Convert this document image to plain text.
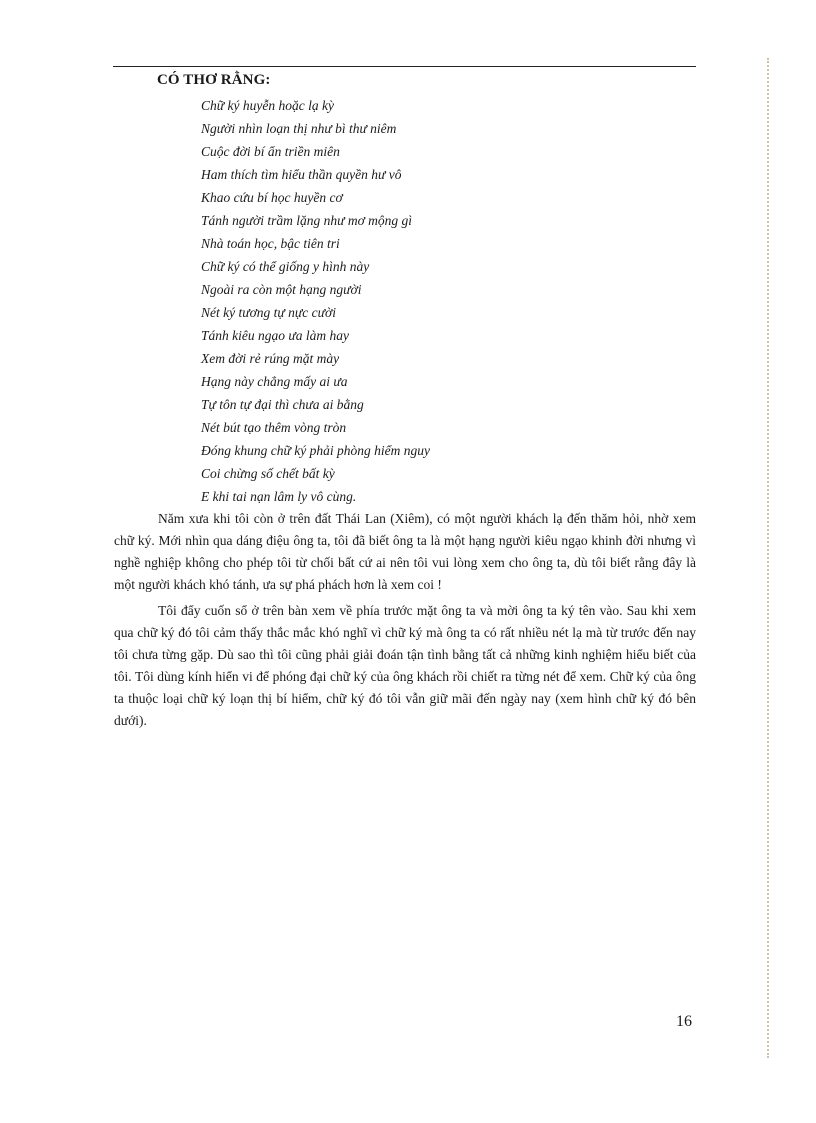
CÓ THƠ RẰNG:
Chữ ký huyễn hoặc lạ kỳ
Người nhìn loạn thị như bì thư niêm
Cuộc đời bí ẩn triền miên
Ham thích tìm hiểu thần quyền hư vô
Khao cứu bí học huyền cơ
Tánh người trầm lặng như mơ mộng gì
Nhà toán học, bậc tiên tri
Chữ ký có thể giống y hình này
Ngoài ra còn một hạng người
Nét ký tương tự nực cười
Tánh kiêu ngạo ưa làm hay
Xem đời rẻ rúng mặt mày
Hạng này chẳng mấy ai ưa
Tự tôn tự đại thì chưa ai bằng
Nét bút tạo thêm vòng tròn
Đóng khung chữ ký phải phòng hiểm nguy
Coi chừng số chết bất kỳ
E khi tai nạn lâm ly vô cùng.

Năm xưa khi tôi còn ở trên đất Thái Lan (Xiêm), có một người khách lạ đến thăm hỏi, nhờ xem chữ ký. Mới nhìn qua dáng điệu ông ta, tôi đã biết ông ta là một hạng người kiêu ngạo khinh đời nhưng vì nghề nghiệp không cho phép tôi từ chối bất cứ ai nên tôi vui lòng xem cho ông ta, dù tôi biết rằng đây là một người khách khó tánh, ưa sự phá phách hơn là xem coi !

Tôi đẩy cuốn sổ ở trên bàn xem về phía trước mặt ông ta và mời ông ta ký tên vào. Sau khi xem qua chữ ký đó tôi cảm thấy thắc mắc khó nghĩ vì chữ ký mà ông ta có rất nhiều nét lạ mà từ trước đến nay tôi chưa từng gặp. Dù sao thì tôi cũng phải giải đoán tận tình bằng tất cả những kinh nghiệm hiểu biết của tôi. Tôi dùng kính hiển vi để phóng đại chữ ký của ông khách rồi chiết ra từng nét để xem. Chữ ký của ông ta thuộc loại chữ ký loạn thị bí hiểm, chữ ký đó tôi vẫn giữ mãi đến ngày nay (xem hình chữ ký đó bên dưới).

16
